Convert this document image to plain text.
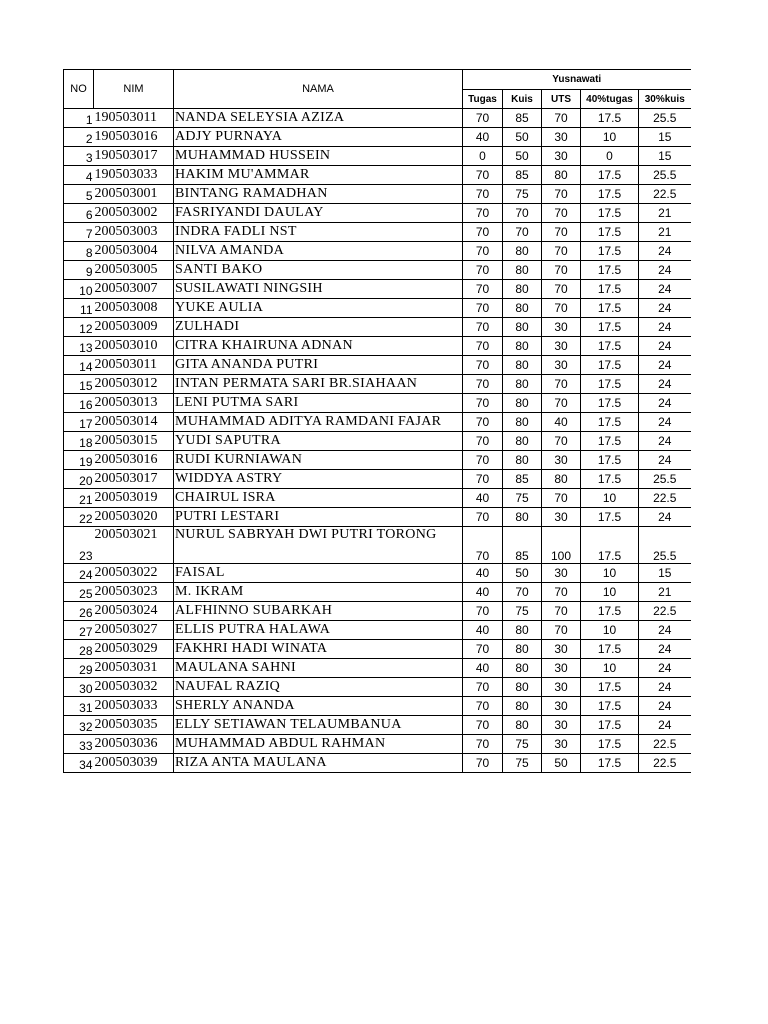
NO	NIM	NAMA	Yusnawati				
			Tugas	Kuis	UTS	40%tugas	30%kuis
1	190503011	NANDA SELEYSIA AZIZA	70	85	70	17.5	25.5
2	190503016	ADJY PURNAYA	40	50	30	10	15
3	190503017	MUHAMMAD HUSSEIN	0	50	30	0	15
4	190503033	HAKIM MU'AMMAR	70	85	80	17.5	25.5
5	200503001	BINTANG RAMADHAN	70	75	70	17.5	22.5
6	200503002	FASRIYANDI DAULAY	70	70	70	17.5	21
7	200503003	INDRA FADLI NST	70	70	70	17.5	21
8	200503004	NILVA AMANDA	70	80	70	17.5	24
9	200503005	SANTI BAKO	70	80	70	17.5	24
10	200503007	SUSILAWATI NINGSIH	70	80	70	17.5	24
11	200503008	YUKE AULIA	70	80	70	17.5	24
12	200503009	ZULHADI	70	80	30	17.5	24
13	200503010	CITRA KHAIRUNA ADNAN	70	80	30	17.5	24
14	200503011	GITA ANANDA PUTRI	70	80	30	17.5	24
15	200503012	INTAN PERMATA SARI BR.SIAHAAN	70	80	70	17.5	24
16	200503013	LENI PUTMA SARI	70	80	70	17.5	24
17	200503014	MUHAMMAD ADITYA RAMDANI FAJAR	70	80	40	17.5	24
18	200503015	YUDI SAPUTRA	70	80	70	17.5	24
19	200503016	RUDI KURNIAWAN	70	80	30	17.5	24
20	200503017	WIDDYA ASTRY	70	85	80	17.5	25.5
21	200503019	CHAIRUL ISRA	40	75	70	10	22.5
22	200503020	PUTRI LESTARI	70	80	30	17.5	24
23	200503021	NURUL SABRYAH DWI PUTRI TORONG	70	85	100	17.5	25.5
24	200503022	FAISAL	40	50	30	10	15
25	200503023	M. IKRAM	40	70	70	10	21
26	200503024	ALFHINNO SUBARKAH	70	75	70	17.5	22.5
27	200503027	ELLIS PUTRA HALAWA	40	80	70	10	24
28	200503029	FAKHRI HADI WINATA	70	80	30	17.5	24
29	200503031	MAULANA SAHNI	40	80	30	10	24
30	200503032	NAUFAL RAZIQ	70	80	30	17.5	24
31	200503033	SHERLY ANANDA	70	80	30	17.5	24
32	200503035	ELLY SETIAWAN TELAUMBANUA	70	80	30	17.5	24
33	200503036	MUHAMMAD ABDUL RAHMAN	70	75	30	17.5	22.5
34	200503039	RIZA ANTA MAULANA	70	75	50	17.5	22.5
